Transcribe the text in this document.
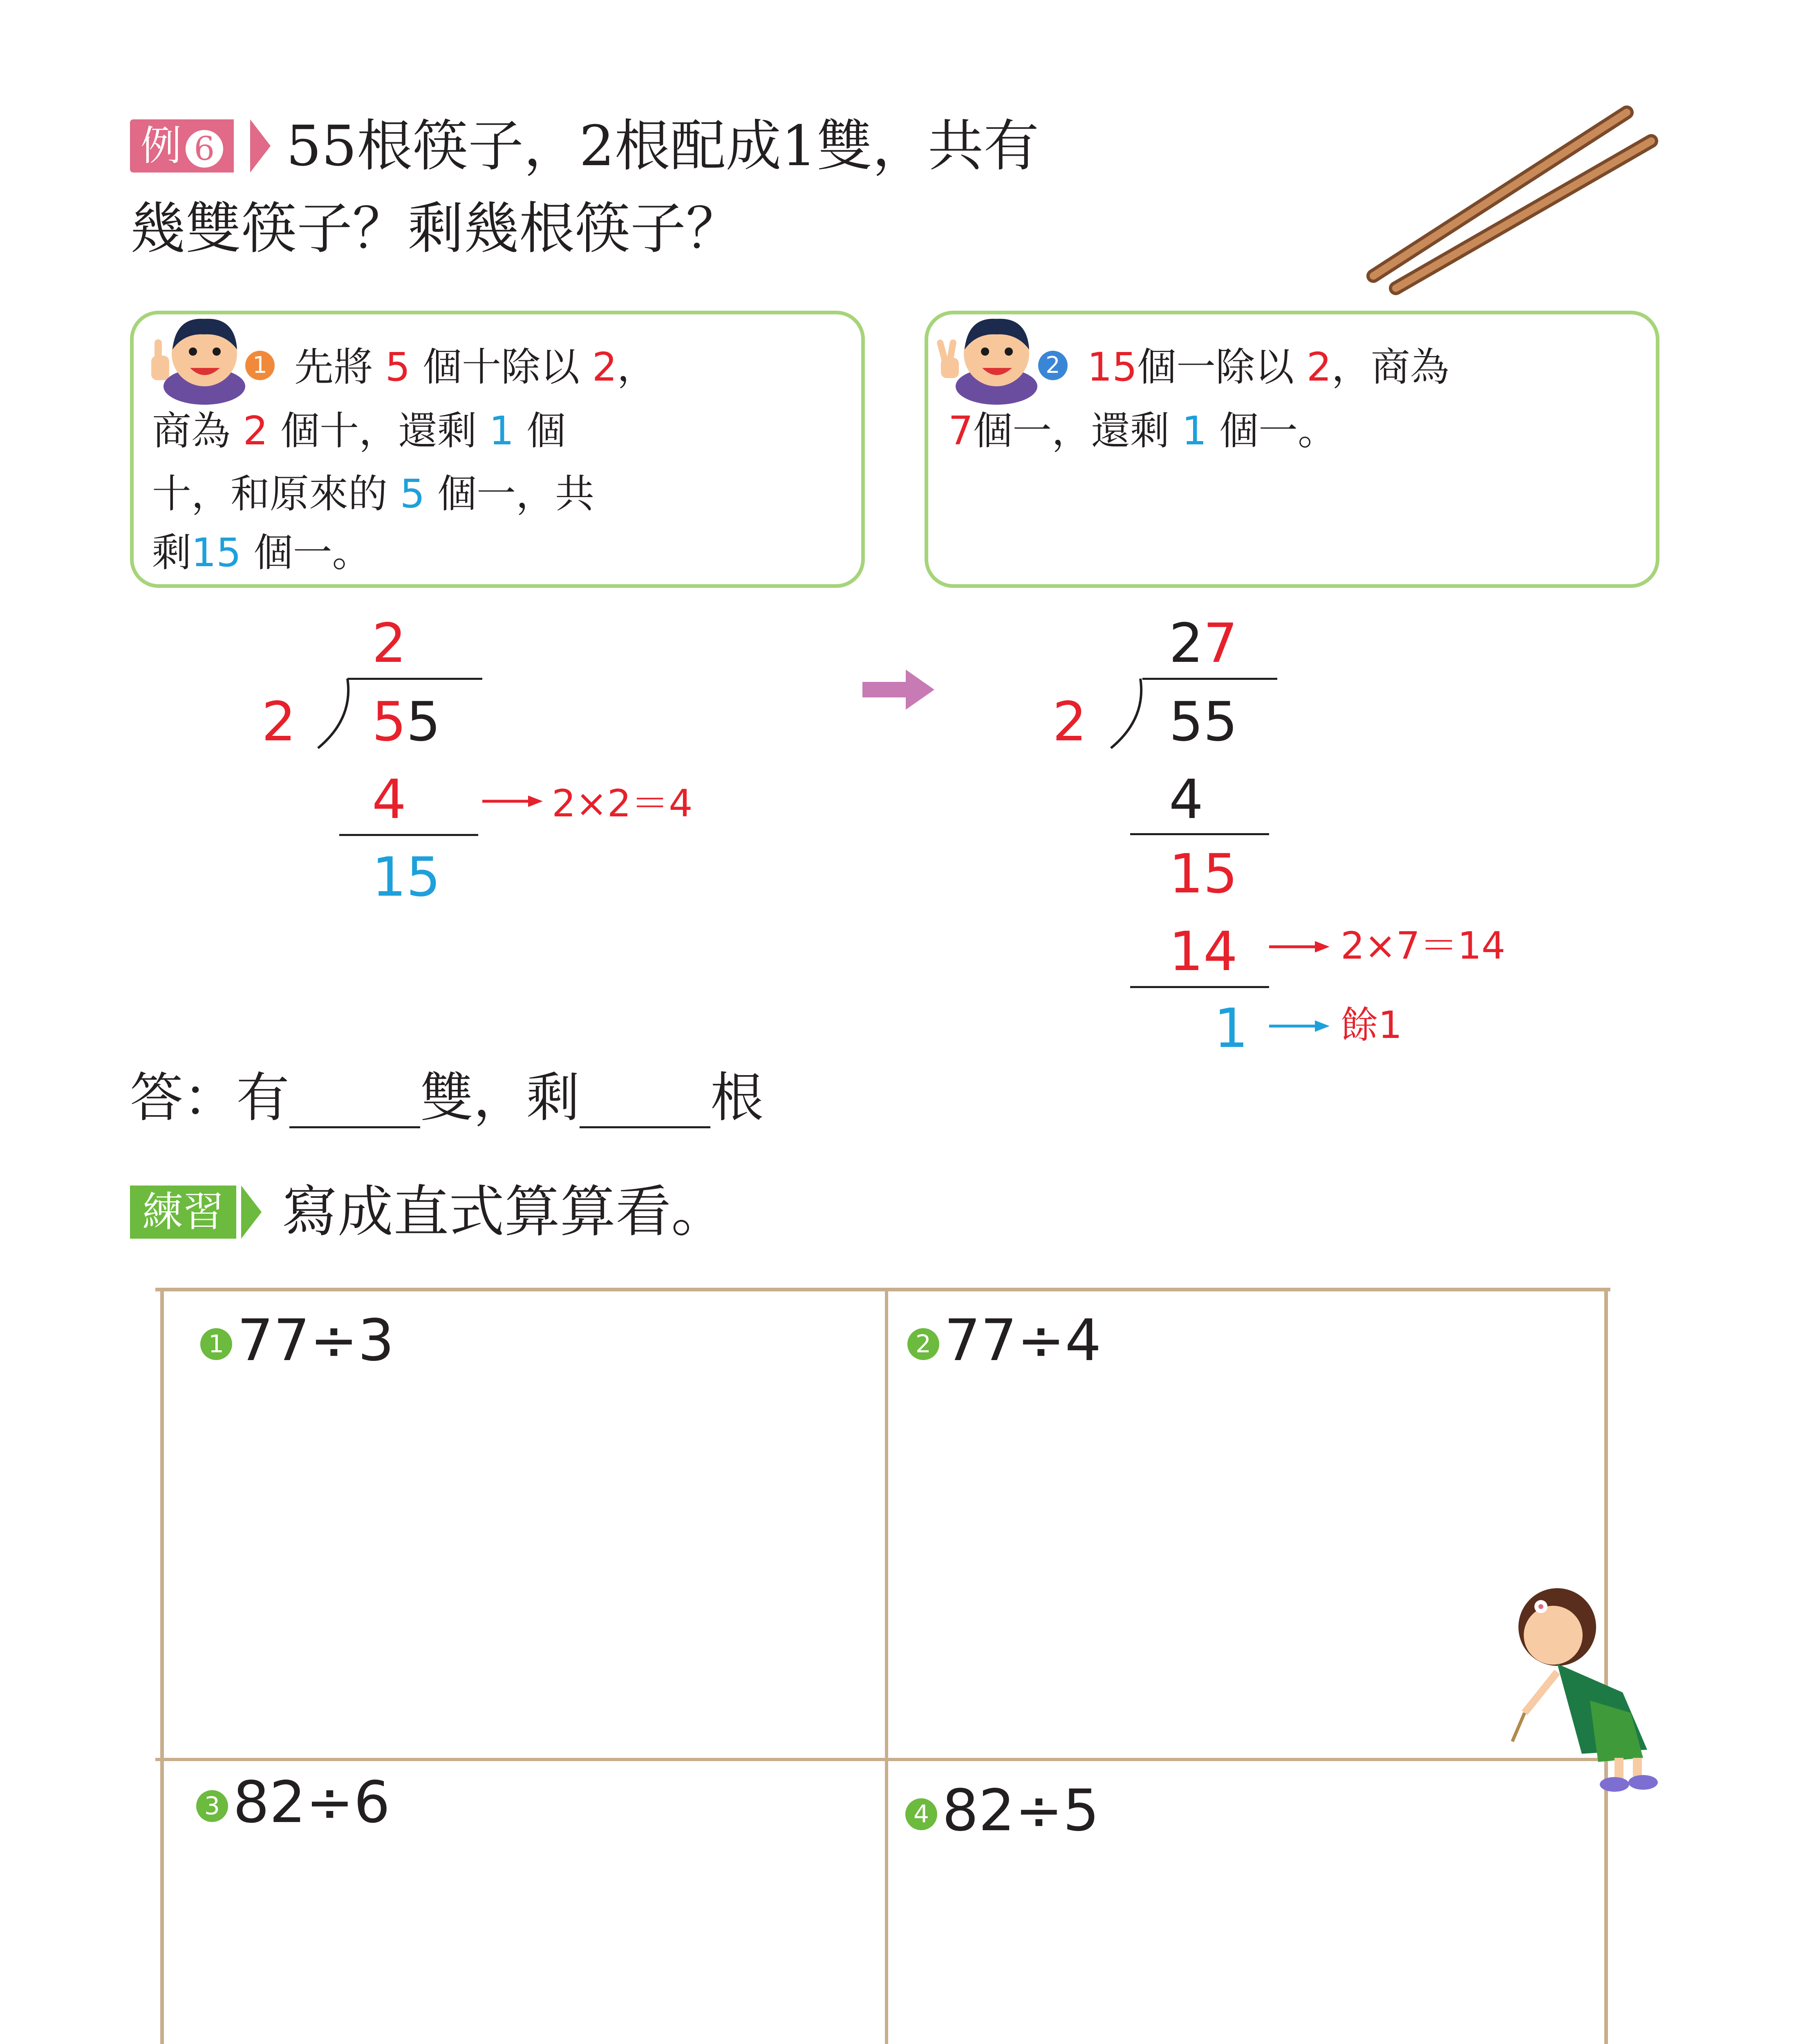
例 6	55根筷子，2根配成1雙，共有
幾雙筷子？剩幾根筷子？
1 先將 5 個十除以 2，
商為 2 個十，還剩 1 個
十，和原來的 5 個一，共
剩15 個一。
2 15個一除以 2，商為
7個一，還剩 1 個一。
2
2 55
4
15
2×2＝4
27
2 55
4
15
14
1
2×7＝14
餘1
答：有 雙，剩 根
練習 寫成直式算算看。
1 77÷3	2 77÷4
3 82÷6	4 82÷5
